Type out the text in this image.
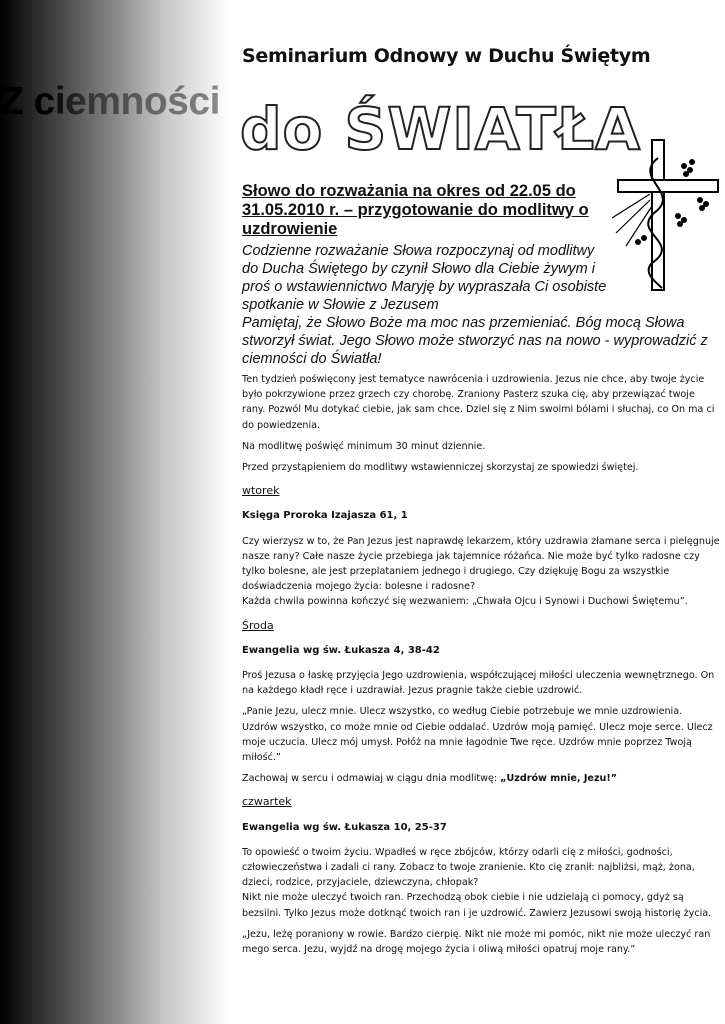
Z ciemności
Seminarium Odnowy w Duchu Świętym
do ŚWIATŁA
Słowo do rozważania na okres od 22.05 do 31.05.2010 r. – przygotowanie do modlitwy o uzdrowienie
Codzienne rozważanie Słowa rozpoczynaj od modlitwy do Ducha Świętego by czynił Słowo dla Ciebie żywym i proś o wstawiennictwo Maryję by wypraszała Ci osobiste spotkanie w Słowie z Jezusem
Pamiętaj, że Słowo Boże ma moc nas przemieniać. Bóg mocą Słowa stworzył świat. Jego Słowo może stworzyć nas na nowo - wyprowadzić z ciemności do Światła!

Ten tydzień poświęcony jest tematyce nawrócenia i uzdrowienia. Jezus nie chce, aby twoje życie było pokrzywione przez grzech czy chorobę. Zraniony Pasterz szuka cię, aby przewiązać twoje rany. Pozwól Mu dotykać ciebie, jak sam chce. Dziel się z Nim swoimi bólami i słuchaj, co On ma ci do powiedzenia.

Na modlitwę poświęć minimum 30 minut dziennie.

Przed przystąpieniem do modlitwy wstawienniczej skorzystaj ze spowiedzi świętej.

wtorek
Księga Proroka Izajasza 61, 1

Czy wierzysz w to, że Pan Jezus jest naprawdę lekarzem, który uzdrawia złamane serca i pielęgnuje nasze rany? Całe nasze życie przebiega jak tajemnice różańca. Nie może być tylko radosne czy tylko bolesne, ale jest przeplataniem jednego i drugiego. Czy dziękuję Bogu za wszystkie doświadczenia mojego życia: bolesne i radosne?
Każda chwila powinna kończyć się wezwaniem: „Chwała Ojcu i Synowi i Duchowi Świętemu”.

Środa
Ewangelia wg św. Łukasza 4, 38-42

Proś Jezusa o łaskę przyjęcia Jego uzdrowienia, współczującej miłości uleczenia wewnętrznego. On na każdego kładł ręce i uzdrawiał. Jezus pragnie także ciebie uzdrowić.

„Panie Jezu, ulecz mnie. Ulecz wszystko, co według Ciebie potrzebuje we mnie uzdrowienia. Uzdrów wszystko, co może mnie od Ciebie oddalać. Uzdrów moją pamięć. Ulecz moje serce. Ulecz moje uczucia. Ulecz mój umysł. Połóż na mnie łagodnie Twe ręce. Uzdrów mnie poprzez Twoją miłość.”

Zachowaj w sercu i odmawiaj w ciągu dnia modlitwę: „Uzdrów mnie, Jezu!”

czwartek
Ewangelia wg św. Łukasza 10, 25-37

To opowieść o twoim życiu. Wpadłeś w ręce zbójców, którzy odarli cię z miłości, godności, człowieczeństwa i zadali ci rany. Zobacz to twoje zranienie. Kto cię zranił: najbliżsi, mąż, żona, dzieci, rodzice, przyjaciele, dziewczyna, chłopak?
Nikt nie może uleczyć twoich ran. Przechodzą obok ciebie i nie udzielają ci pomocy, gdyż są bezsilni. Tylko Jezus może dotknąć twoich ran i je uzdrowić. Zawierz Jezusowi swoją historię życia.

„Jezu, leżę poraniony w rowie. Bardzo cierpię. Nikt nie może mi pomóc, nikt nie może uleczyć ran mego serca. Jezu, wyjdź na drogę mojego życia i oliwą miłości opatruj moje rany.”
